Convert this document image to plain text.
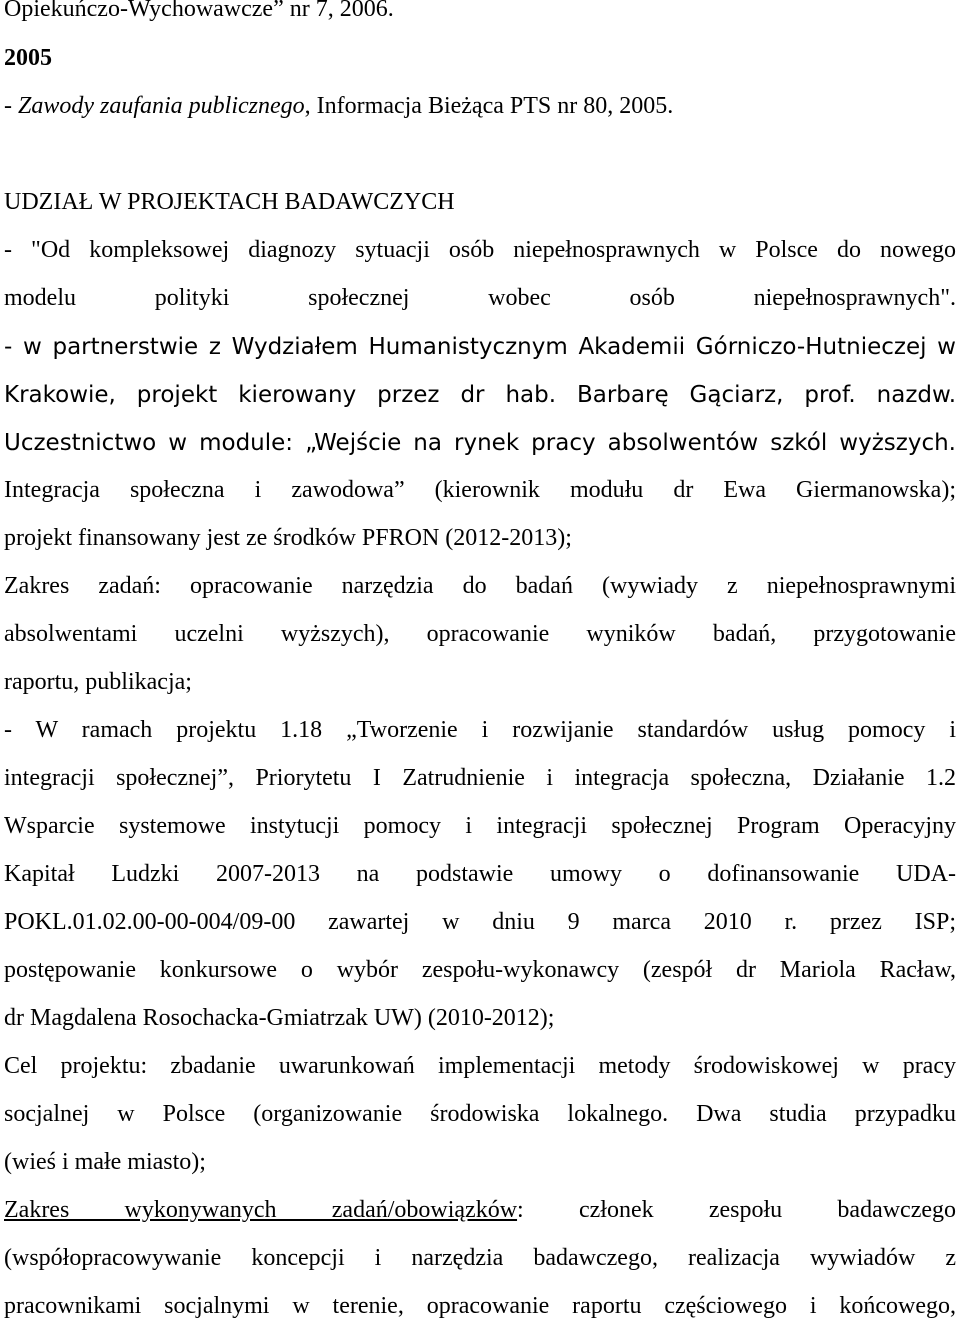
Opiekuńczo-Wychowawcze” nr 7, 2006.
2005
- Zawody zaufania publicznego, Informacja Bieżąca PTS nr 80, 2005.
UDZIAŁ W PROJEKTACH BADAWCZYCH
- "Od kompleksowej diagnozy sytuacji osób niepełnosprawnych w Polsce do nowego
modelu polityki społecznej wobec osób niepełnosprawnych".
- w partnerstwie z Wydziałem Humanistycznym Akademii Górniczo-Hutnieczej w
Krakowie, projekt kierowany przez dr hab. Barbarę Gąciarz, prof. nazdw.
Uczestnictwo w module: „Wejście na rynek pracy absolwentów szkól wyższych.
Integracja społeczna i zawodowa” (kierownik modułu dr Ewa Giermanowska);
projekt finansowany jest ze środków PFRON (2012-2013);
Zakres zadań: opracowanie narzędzia do badań (wywiady z niepełnosprawnymi
absolwentami uczelni wyższych), opracowanie wyników badań, przygotowanie
raportu, publikacja;
- W ramach projektu 1.18 „Tworzenie i rozwijanie standardów usług pomocy i
integracji społecznej”, Priorytetu I Zatrudnienie i integracja społeczna, Działanie 1.2
Wsparcie systemowe instytucji pomocy i integracji społecznej Program Operacyjny
Kapitał Ludzki 2007-2013 na podstawie umowy o dofinansowanie UDA-
POKL.01.02.00-00-004/09-00 zawartej w dniu 9 marca 2010 r. przez ISP;
postępowanie konkursowe o wybór zespołu-wykonawcy (zespół dr Mariola Racław,
dr Magdalena Rosochacka-Gmiatrzak UW) (2010-2012);
Cel projektu: zbadanie uwarunkowań implementacji metody środowiskowej w pracy
socjalnej w Polsce (organizowanie środowiska lokalnego. Dwa studia przypadku
(wieś i małe miasto);
Zakres wykonywanych zadań/obowiązków: członek zespołu badawczego
(współopracowywanie koncepcji i narzędzia badawczego, realizacja wywiadów z
pracownikami socjalnymi w terenie, opracowanie raportu częściowego i końcowego,
